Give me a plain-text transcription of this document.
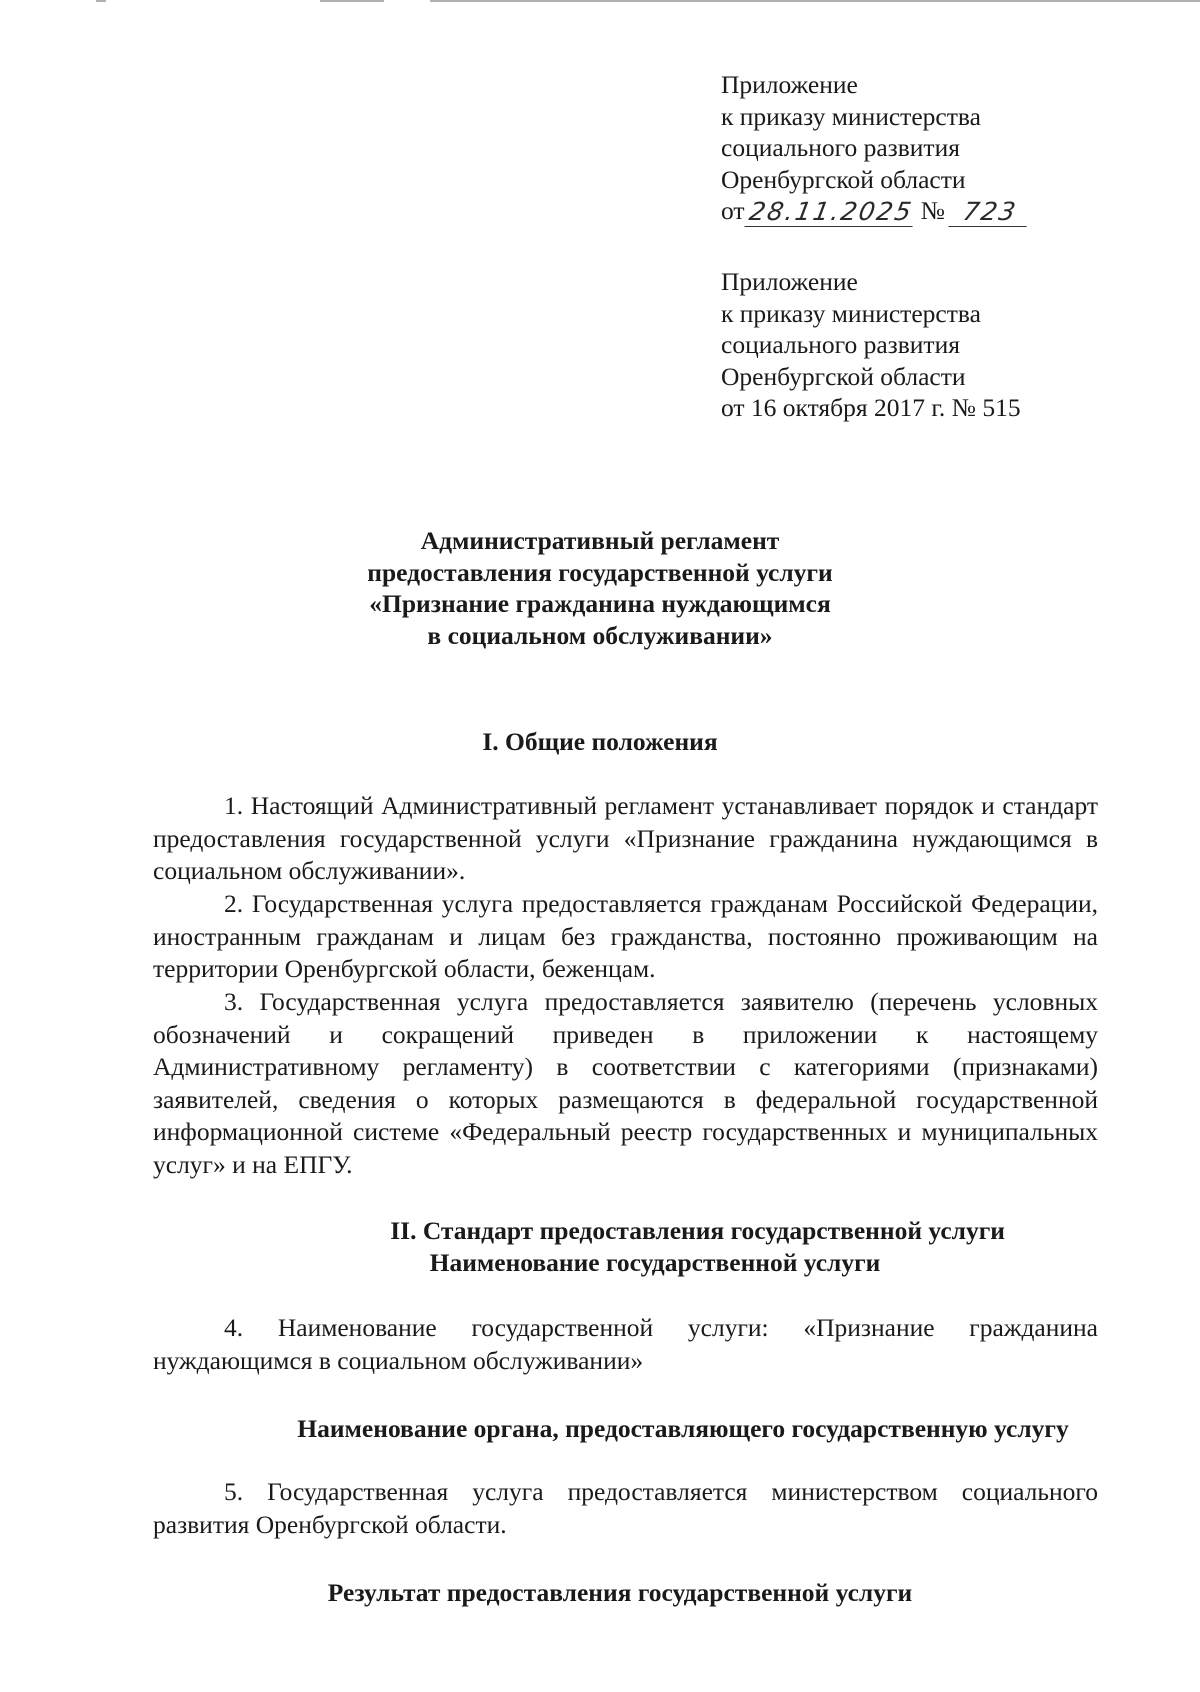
Приложение
к приказу министерства
социального развития
Оренбургской области
от 28.11.2025 № 723
Приложение
к приказу министерства
социального развития
Оренбургской области
от 16 октября 2017 г. № 515
Административный регламент
предоставления государственной услуги
«Признание гражданина нуждающимся
в социальном обслуживании»
I. Общие положения

1. Настоящий Административный регламент устанавливает порядок и стандарт предоставления государственной услуги «Признание гражданина нуждающимся в социальном обслуживании».

2. Государственная услуга предоставляется гражданам Российской Федерации, иностранным гражданам и лицам без гражданства, постоянно проживающим на территории Оренбургской области, беженцам.

3. Государственная услуга предоставляется заявителю (перечень условных обозначений и сокращений приведен в приложении к настоящему Административному регламенту) в соответствии с категориями (признаками) заявителей, сведения о которых размещаются в федеральной государственной информационной системе «Федеральный реестр государственных и муниципальных услуг» и на ЕПГУ.

II. Стандарт предоставления государственной услуги
Наименование государственной услуги

4. Наименование государственной услуги: «Признание гражданина нуждающимся в социальном обслуживании»

Наименование органа, предоставляющего государственную услугу

5. Государственная услуга предоставляется министерством социального развития Оренбургской области.

Результат предоставления государственной услуги
